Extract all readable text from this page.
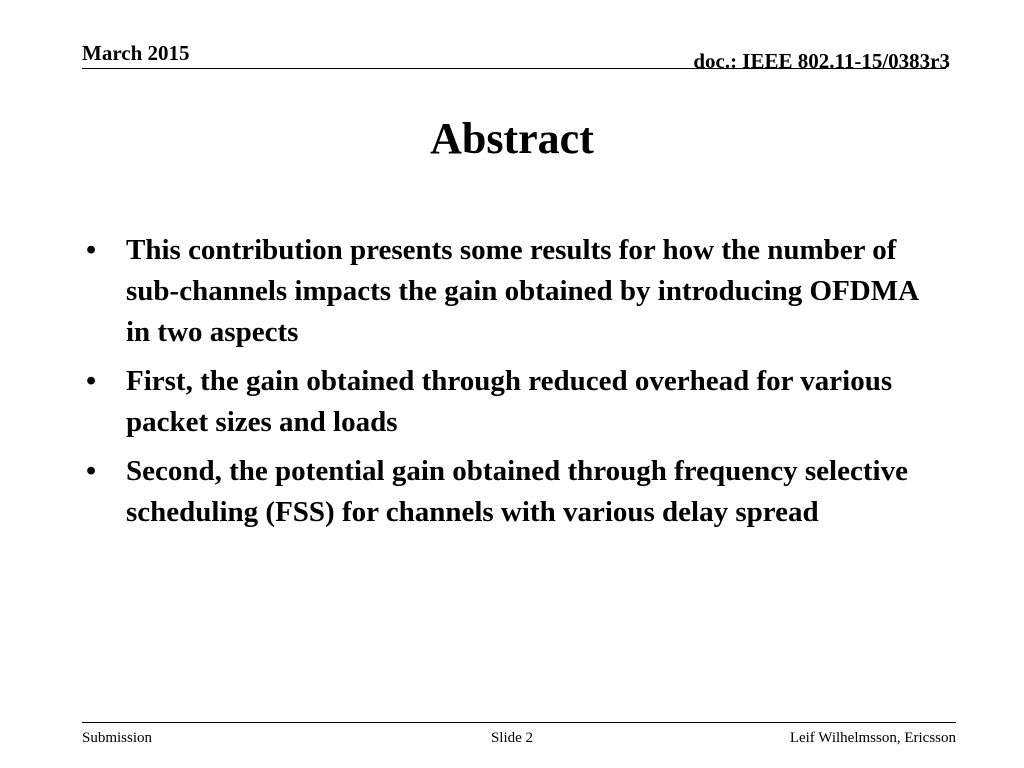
March 2015	doc.: IEEE 802.11-15/0383r3
Abstract
•	This contribution presents some results for how the number of sub-channels impacts the gain obtained by introducing OFDMA in two aspects
•	First, the gain obtained through reduced overhead for various packet sizes and loads
•	Second, the potential gain obtained through frequency selective scheduling (FSS) for channels with various delay spread
Submission	Slide 2	Leif Wilhelmsson, Ericsson
